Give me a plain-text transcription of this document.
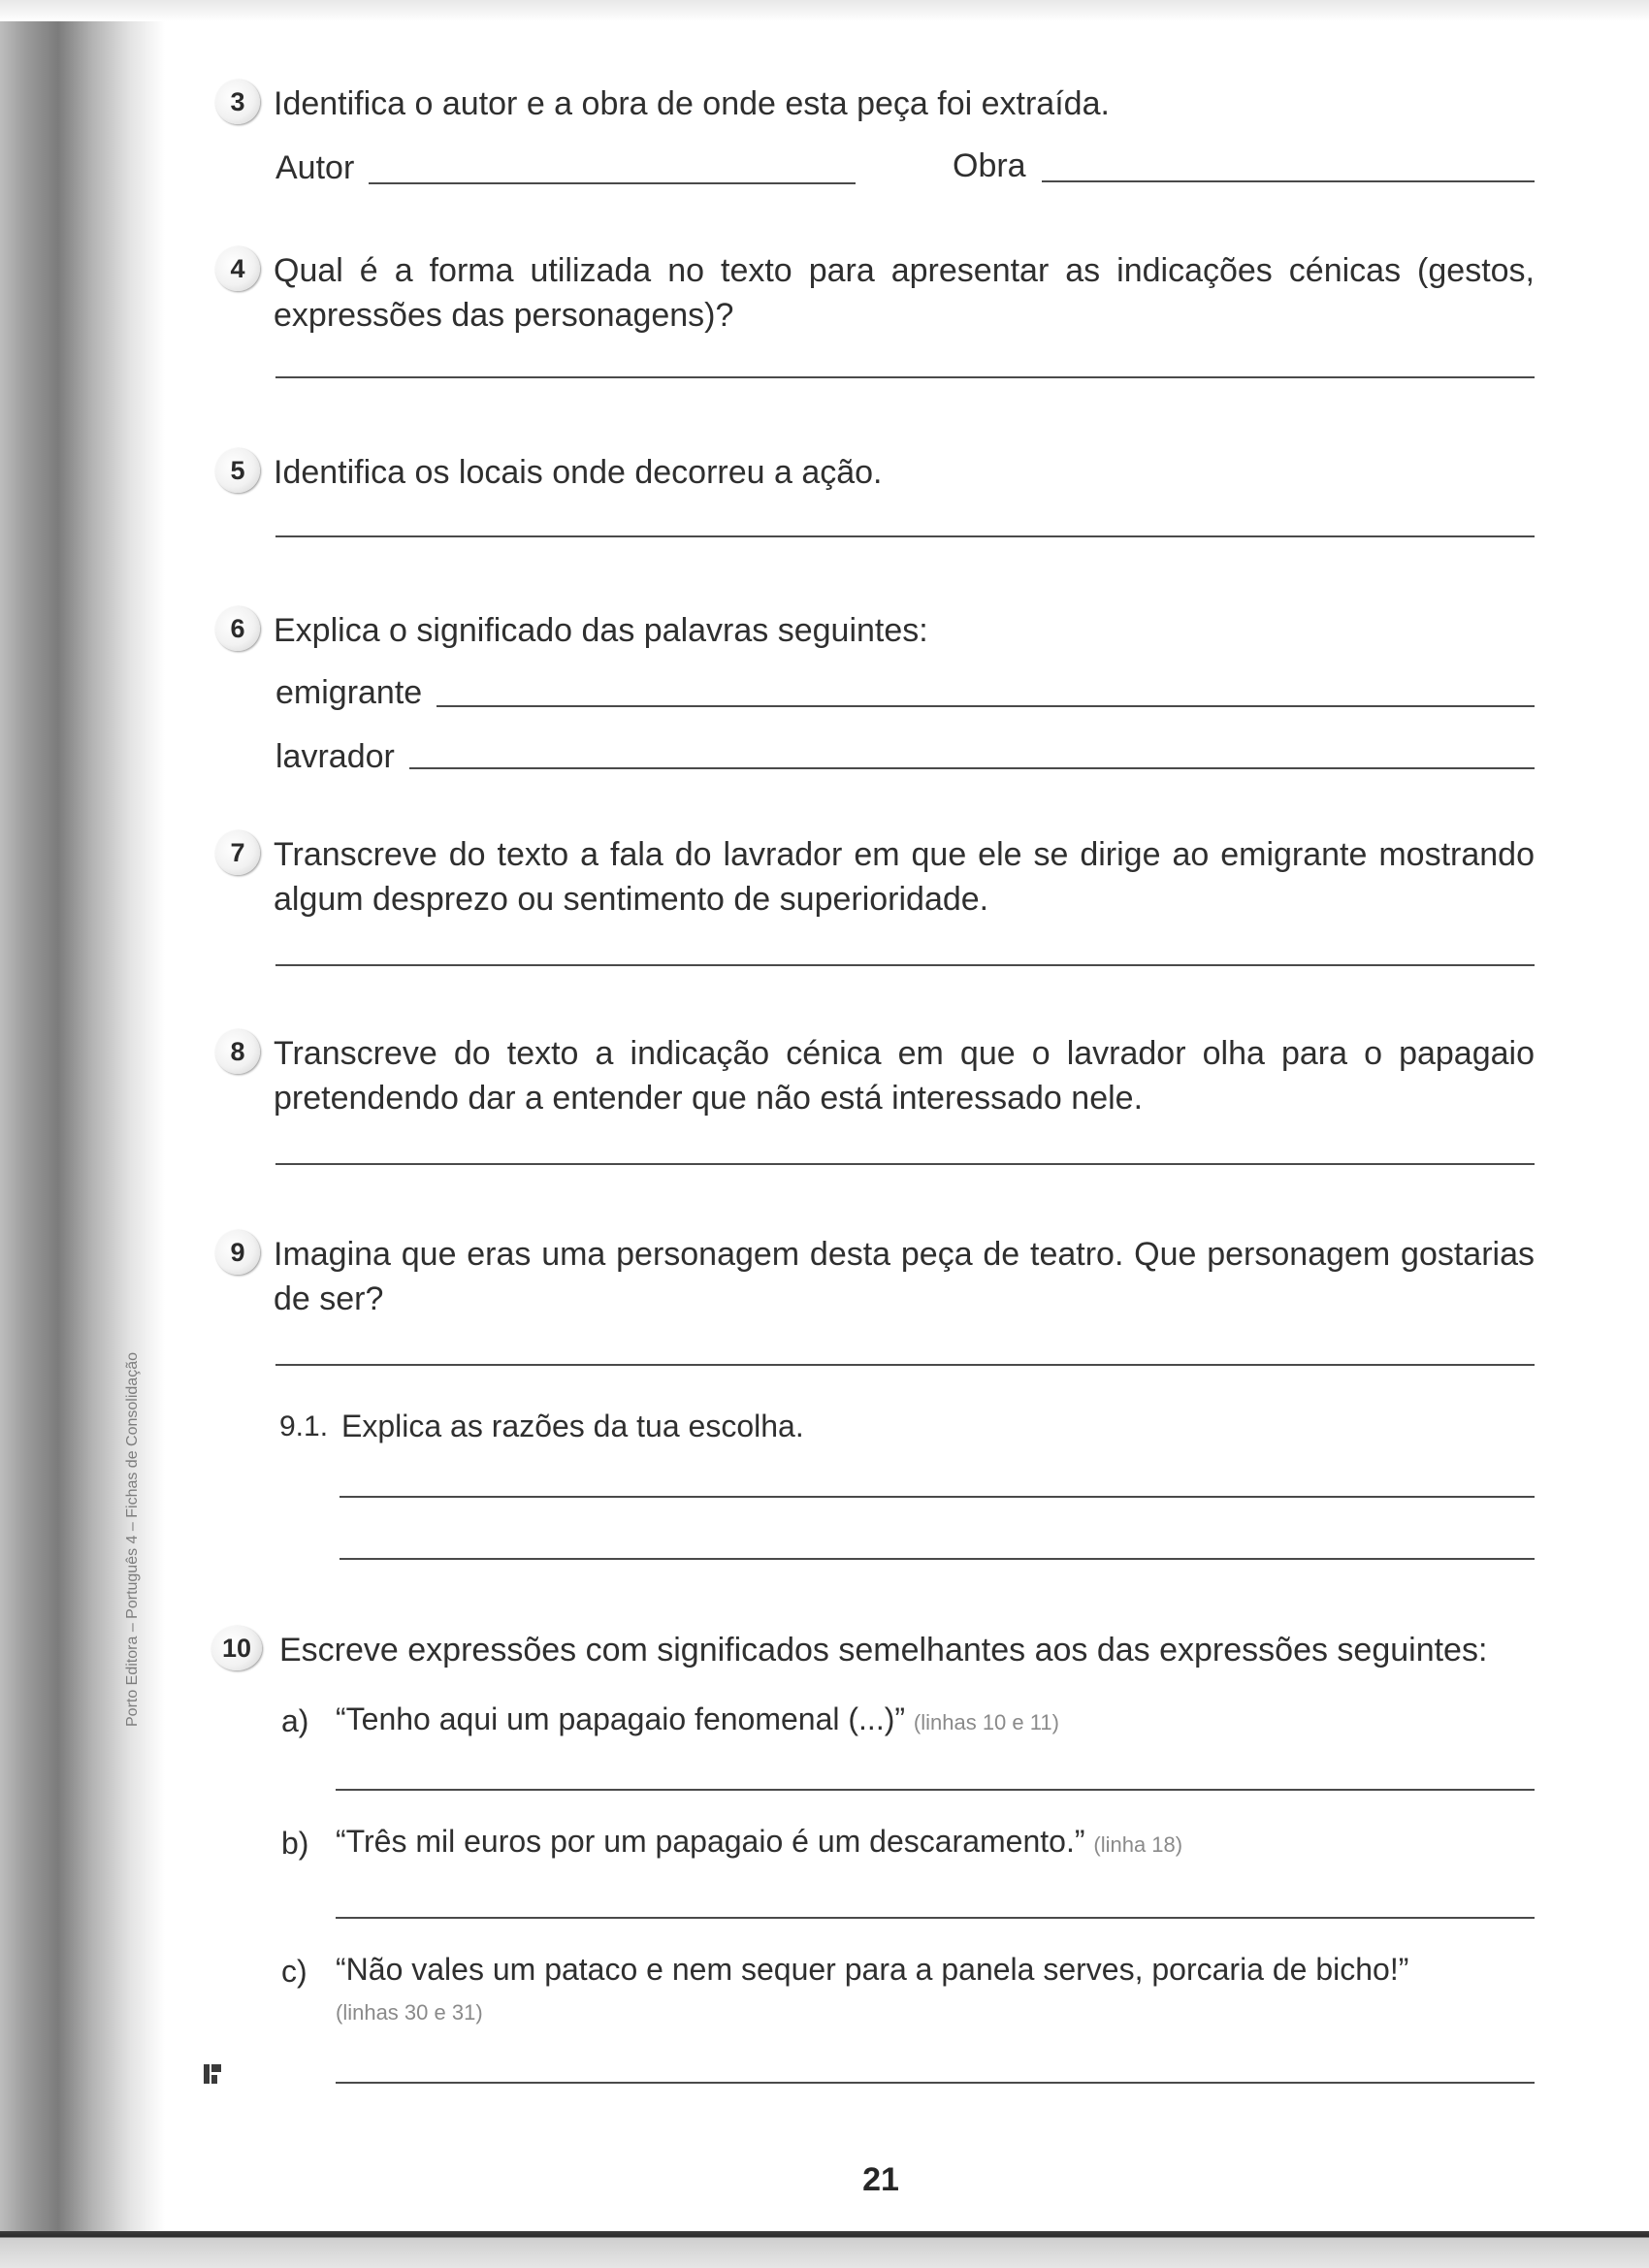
3 Identifica o autor e a obra de onde esta peça foi extraída.
Autor	Obra
4 Qual é a forma utilizada no texto para apresentar as indicações cénicas (gestos, expressões das personagens)?
5 Identifica os locais onde decorreu a ação.
6 Explica o significado das palavras seguintes:
emigrante
lavrador
7 Transcreve do texto a fala do lavrador em que ele se dirige ao emigrante mostrando algum desprezo ou sentimento de superioridade.
8 Transcreve do texto a indicação cénica em que o lavrador olha para o papagaio pretendendo dar a entender que não está interessado nele.
9 Imagina que eras uma personagem desta peça de teatro. Que personagem gostarias de ser?
9.1. Explica as razões da tua escolha.
10 Escreve expressões com significados semelhantes aos das expressões seguintes:
a) “Tenho aqui um papagaio fenomenal (...)” (linhas 10 e 11)
b) “Três mil euros por um papagaio é um descaramento.” (linha 18)
c) “Não vales um pataco e nem sequer para a panela serves, porcaria de bicho!”
(linhas 30 e 31)
Porto Editora – Português 4 – Fichas de Consolidação
21
